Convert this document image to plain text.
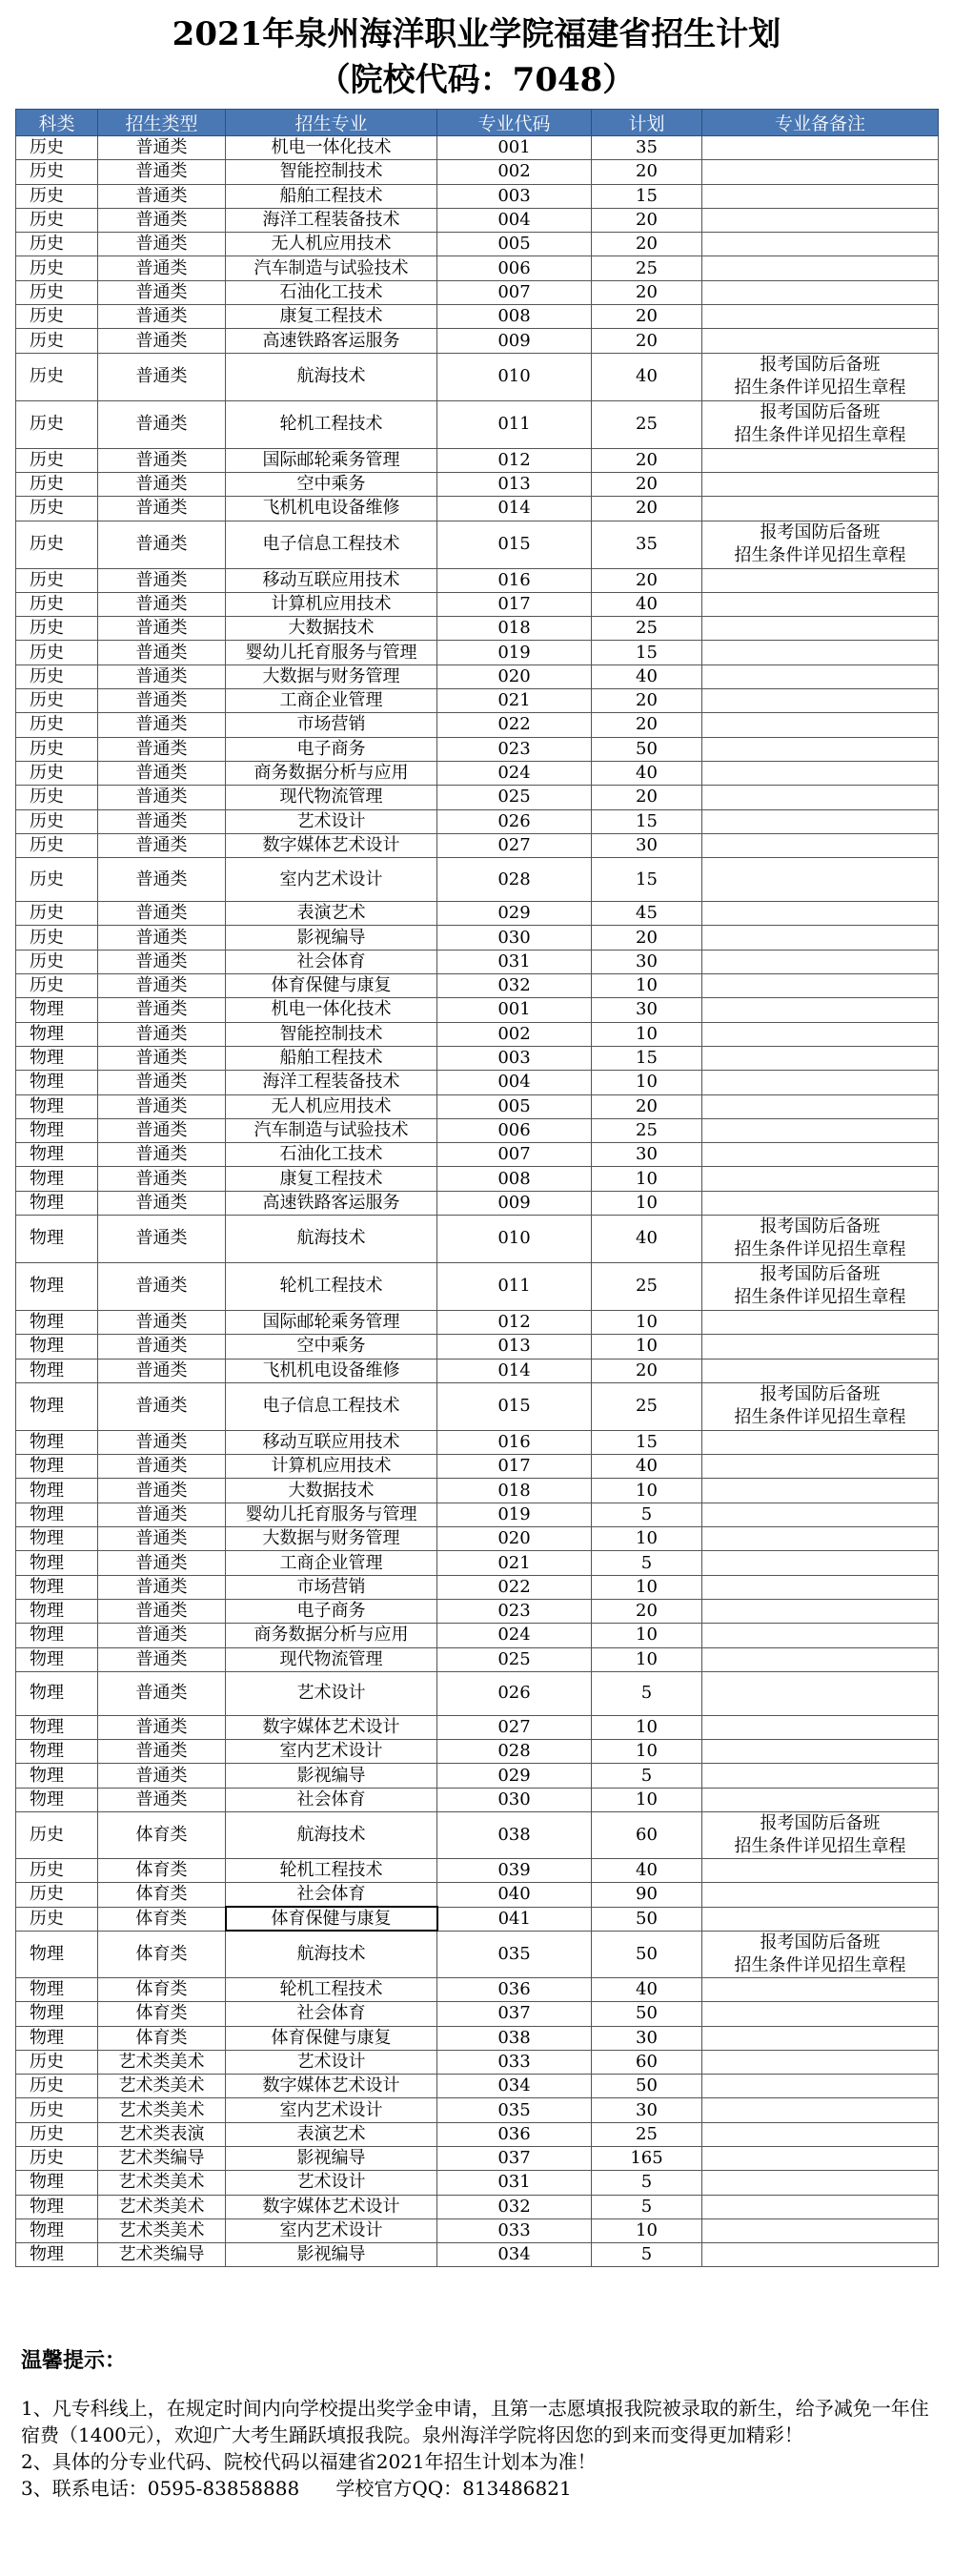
2021年泉州海洋职业学院福建省招生计划
（院校代码：7048）
科类	招生类型	招生专业	专业代码	计划	专业备备注
历史	普通类	机电一体化技术	001	35	
历史	普通类	智能控制技术	002	20	
历史	普通类	船舶工程技术	003	15	
历史	普通类	海洋工程装备技术	004	20	
历史	普通类	无人机应用技术	005	20	
历史	普通类	汽车制造与试验技术	006	25	
历史	普通类	石油化工技术	007	20	
历史	普通类	康复工程技术	008	20	
历史	普通类	高速铁路客运服务	009	20	
历史	普通类	航海技术	010	40	报考国防后备班
招生条件详见招生章程
历史	普通类	轮机工程技术	011	25	报考国防后备班
招生条件详见招生章程
历史	普通类	国际邮轮乘务管理	012	20	
历史	普通类	空中乘务	013	20	
历史	普通类	飞机机电设备维修	014	20	
历史	普通类	电子信息工程技术	015	35	报考国防后备班
招生条件详见招生章程
历史	普通类	移动互联应用技术	016	20	
历史	普通类	计算机应用技术	017	40	
历史	普通类	大数据技术	018	25	
历史	普通类	婴幼儿托育服务与管理	019	15	
历史	普通类	大数据与财务管理	020	40	
历史	普通类	工商企业管理	021	20	
历史	普通类	市场营销	022	20	
历史	普通类	电子商务	023	50	
历史	普通类	商务数据分析与应用	024	40	
历史	普通类	现代物流管理	025	20	
历史	普通类	艺术设计	026	15	
历史	普通类	数字媒体艺术设计	027	30	
历史	普通类	室内艺术设计	028	15	
历史	普通类	表演艺术	029	45	
历史	普通类	影视编导	030	20	
历史	普通类	社会体育	031	30	
历史	普通类	体育保健与康复	032	10	
物理	普通类	机电一体化技术	001	30	
物理	普通类	智能控制技术	002	10	
物理	普通类	船舶工程技术	003	15	
物理	普通类	海洋工程装备技术	004	10	
物理	普通类	无人机应用技术	005	20	
物理	普通类	汽车制造与试验技术	006	25	
物理	普通类	石油化工技术	007	30	
物理	普通类	康复工程技术	008	10	
物理	普通类	高速铁路客运服务	009	10	
物理	普通类	航海技术	010	40	报考国防后备班
招生条件详见招生章程
物理	普通类	轮机工程技术	011	25	报考国防后备班
招生条件详见招生章程
物理	普通类	国际邮轮乘务管理	012	10	
物理	普通类	空中乘务	013	10	
物理	普通类	飞机机电设备维修	014	20	
物理	普通类	电子信息工程技术	015	25	报考国防后备班
招生条件详见招生章程
物理	普通类	移动互联应用技术	016	15	
物理	普通类	计算机应用技术	017	40	
物理	普通类	大数据技术	018	10	
物理	普通类	婴幼儿托育服务与管理	019	5	
物理	普通类	大数据与财务管理	020	10	
物理	普通类	工商企业管理	021	5	
物理	普通类	市场营销	022	10	
物理	普通类	电子商务	023	20	
物理	普通类	商务数据分析与应用	024	10	
物理	普通类	现代物流管理	025	10	
物理	普通类	艺术设计	026	5	
物理	普通类	数字媒体艺术设计	027	10	
物理	普通类	室内艺术设计	028	10	
物理	普通类	影视编导	029	5	
物理	普通类	社会体育	030	10	
历史	体育类	航海技术	038	60	报考国防后备班
招生条件详见招生章程
历史	体育类	轮机工程技术	039	40	
历史	体育类	社会体育	040	90	
历史	体育类	体育保健与康复	041	50	
物理	体育类	航海技术	035	50	报考国防后备班
招生条件详见招生章程
物理	体育类	轮机工程技术	036	40	
物理	体育类	社会体育	037	50	
物理	体育类	体育保健与康复	038	30	
历史	艺术类美术	艺术设计	033	60	
历史	艺术类美术	数字媒体艺术设计	034	50	
历史	艺术类美术	室内艺术设计	035	30	
历史	艺术类表演	表演艺术	036	25	
历史	艺术类编导	影视编导	037	165	
物理	艺术类美术	艺术设计	031	5	
物理	艺术类美术	数字媒体艺术设计	032	5	
物理	艺术类美术	室内艺术设计	033	10	
物理	艺术类编导	影视编导	034	5	

温馨提示：

1、凡专科线上，在规定时间内向学校提出奖学金申请，且第一志愿填报我院被录取的新生，给予减免一年住宿费（1400元），欢迎广大考生踊跃填报我院。泉州海洋学院将因您的到来而变得更加精彩！

2、具体的分专业代码、院校代码以福建省2021年招生计划本为准！

3、联系电话：0595-83858888 学校官方QQ：813486821
